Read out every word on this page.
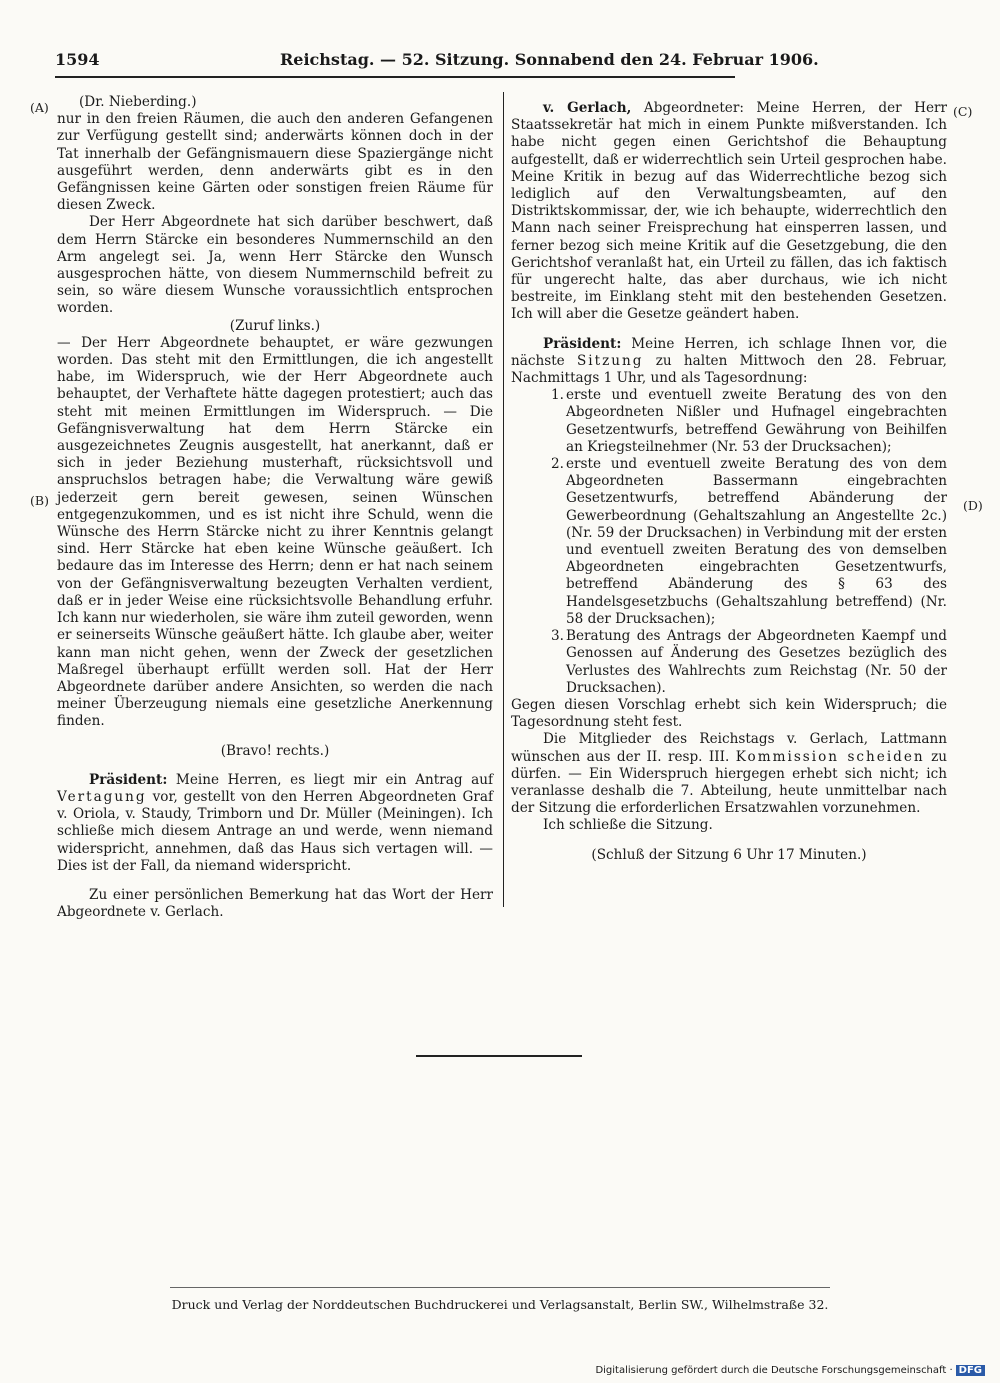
1594	Reichstag. — 52. Sitzung. Sonnabend den 24. Februar 1906.
(A)
(B)
(C)
(D)

(Dr. Nieberding.)

nur in den freien Räumen, die auch den anderen Gefangenen zur Verfügung gestellt sind; anderwärts können doch in der Tat innerhalb der Gefängnismauern diese Spaziergänge nicht ausgeführt werden, denn anderwärts gibt es in den Gefängnissen keine Gärten oder sonstigen freien Räume für diesen Zweck.

Der Herr Abgeordnete hat sich darüber beschwert, daß dem Herrn Stärcke ein besonderes Nummernschild an den Arm angelegt sei. Ja, wenn Herr Stärcke den Wunsch ausgesprochen hätte, von diesem Nummernschild befreit zu sein, so wäre diesem Wunsche voraussichtlich entsprochen worden.

(Zuruf links.)

— Der Herr Abgeordnete behauptet, er wäre gezwungen worden. Das steht mit den Ermittlungen, die ich angestellt habe, im Widerspruch, wie der Herr Abgeordnete auch behauptet, der Verhaftete hätte dagegen protestiert; auch das steht mit meinen Ermittlungen im Widerspruch. — Die Gefängnisverwaltung hat dem Herrn Stärcke ein ausgezeichnetes Zeugnis ausgestellt, hat anerkannt, daß er sich in jeder Beziehung musterhaft, rücksichtsvoll und anspruchslos betragen habe; die Verwaltung wäre gewiß jederzeit gern bereit gewesen, seinen Wünschen entgegenzukommen, und es ist nicht ihre Schuld, wenn die Wünsche des Herrn Stärcke nicht zu ihrer Kenntnis gelangt sind. Herr Stärcke hat eben keine Wünsche geäußert. Ich bedaure das im Interesse des Herrn; denn er hat nach seinem von der Gefängnisverwaltung bezeugten Verhalten verdient, daß er in jeder Weise eine rücksichtsvolle Behandlung erfuhr. Ich kann nur wiederholen, sie wäre ihm zuteil geworden, wenn er seinerseits Wünsche geäußert hätte. Ich glaube aber, weiter kann man nicht gehen, wenn der Zweck der gesetzlichen Maßregel überhaupt erfüllt werden soll. Hat der Herr Abgeordnete darüber andere Ansichten, so werden die nach meiner Überzeugung niemals eine gesetzliche Anerkennung finden.

(Bravo! rechts.)

Präsident: Meine Herren, es liegt mir ein Antrag auf Vertagung vor, gestellt von den Herren Abgeordneten Graf v. Oriola, v. Staudy, Trimborn und Dr. Müller (Meiningen). Ich schließe mich diesem Antrage an und werde, wenn niemand widerspricht, annehmen, daß das Haus sich vertagen will. — Dies ist der Fall, da niemand widerspricht.

Zu einer persönlichen Bemerkung hat das Wort der Herr Abgeordnete v. Gerlach.

v. Gerlach, Abgeordneter: Meine Herren, der Herr Staatssekretär hat mich in einem Punkte mißverstanden. Ich habe nicht gegen einen Gerichtshof die Behauptung aufgestellt, daß er widerrechtlich sein Urteil gesprochen habe. Meine Kritik in bezug auf das Widerrechtliche bezog sich lediglich auf den Verwaltungsbeamten, auf den Distriktskommissar, der, wie ich behaupte, widerrechtlich den Mann nach seiner Freisprechung hat einsperren lassen, und ferner bezog sich meine Kritik auf die Gesetzgebung, die den Gerichtshof veranlaßt hat, ein Urteil zu fällen, das ich faktisch für ungerecht halte, das aber durchaus, wie ich nicht bestreite, im Einklang steht mit den bestehenden Gesetzen. Ich will aber die Gesetze geändert haben.

Präsident: Meine Herren, ich schlage Ihnen vor, die nächste Sitzung zu halten Mittwoch den 28. Februar, Nachmittags 1 Uhr, und als Tagesordnung:

1. erste und eventuell zweite Beratung des von den Abgeordneten Nißler und Hufnagel eingebrachten Gesetzentwurfs, betreffend Gewährung von Beihilfen an Kriegsteilnehmer (Nr. 53 der Drucksachen);
2. erste und eventuell zweite Beratung des von dem Abgeordneten Bassermann eingebrachten Gesetzentwurfs, betreffend Abänderung der Gewerbeordnung (Gehaltszahlung an Angestellte 2c.) (Nr. 59 der Drucksachen) in Verbindung mit der ersten und eventuell zweiten Beratung des von demselben Abgeordneten eingebrachten Gesetzentwurfs, betreffend Abänderung des § 63 des Handelsgesetzbuchs (Gehaltszahlung betreffend) (Nr. 58 der Drucksachen);
3. Beratung des Antrags der Abgeordneten Kaempf und Genossen auf Änderung des Gesetzes bezüglich des Verlustes des Wahlrechts zum Reichstag (Nr. 50 der Drucksachen).

Gegen diesen Vorschlag erhebt sich kein Widerspruch; die Tagesordnung steht fest.

Die Mitglieder des Reichstags v. Gerlach, Lattmann wünschen aus der II. resp. III. Kommission scheiden zu dürfen. — Ein Widerspruch hiergegen erhebt sich nicht; ich veranlasse deshalb die 7. Abteilung, heute unmittelbar nach der Sitzung die erforderlichen Ersatzwahlen vorzunehmen.

Ich schließe die Sitzung.

(Schluß der Sitzung 6 Uhr 17 Minuten.)

Druck und Verlag der Norddeutschen Buchdruckerei und Verlagsanstalt, Berlin SW., Wilhelmstraße 32.
Digitalisierung gefördert durch die Deutsche Forschungsgemeinschaft · DFG
